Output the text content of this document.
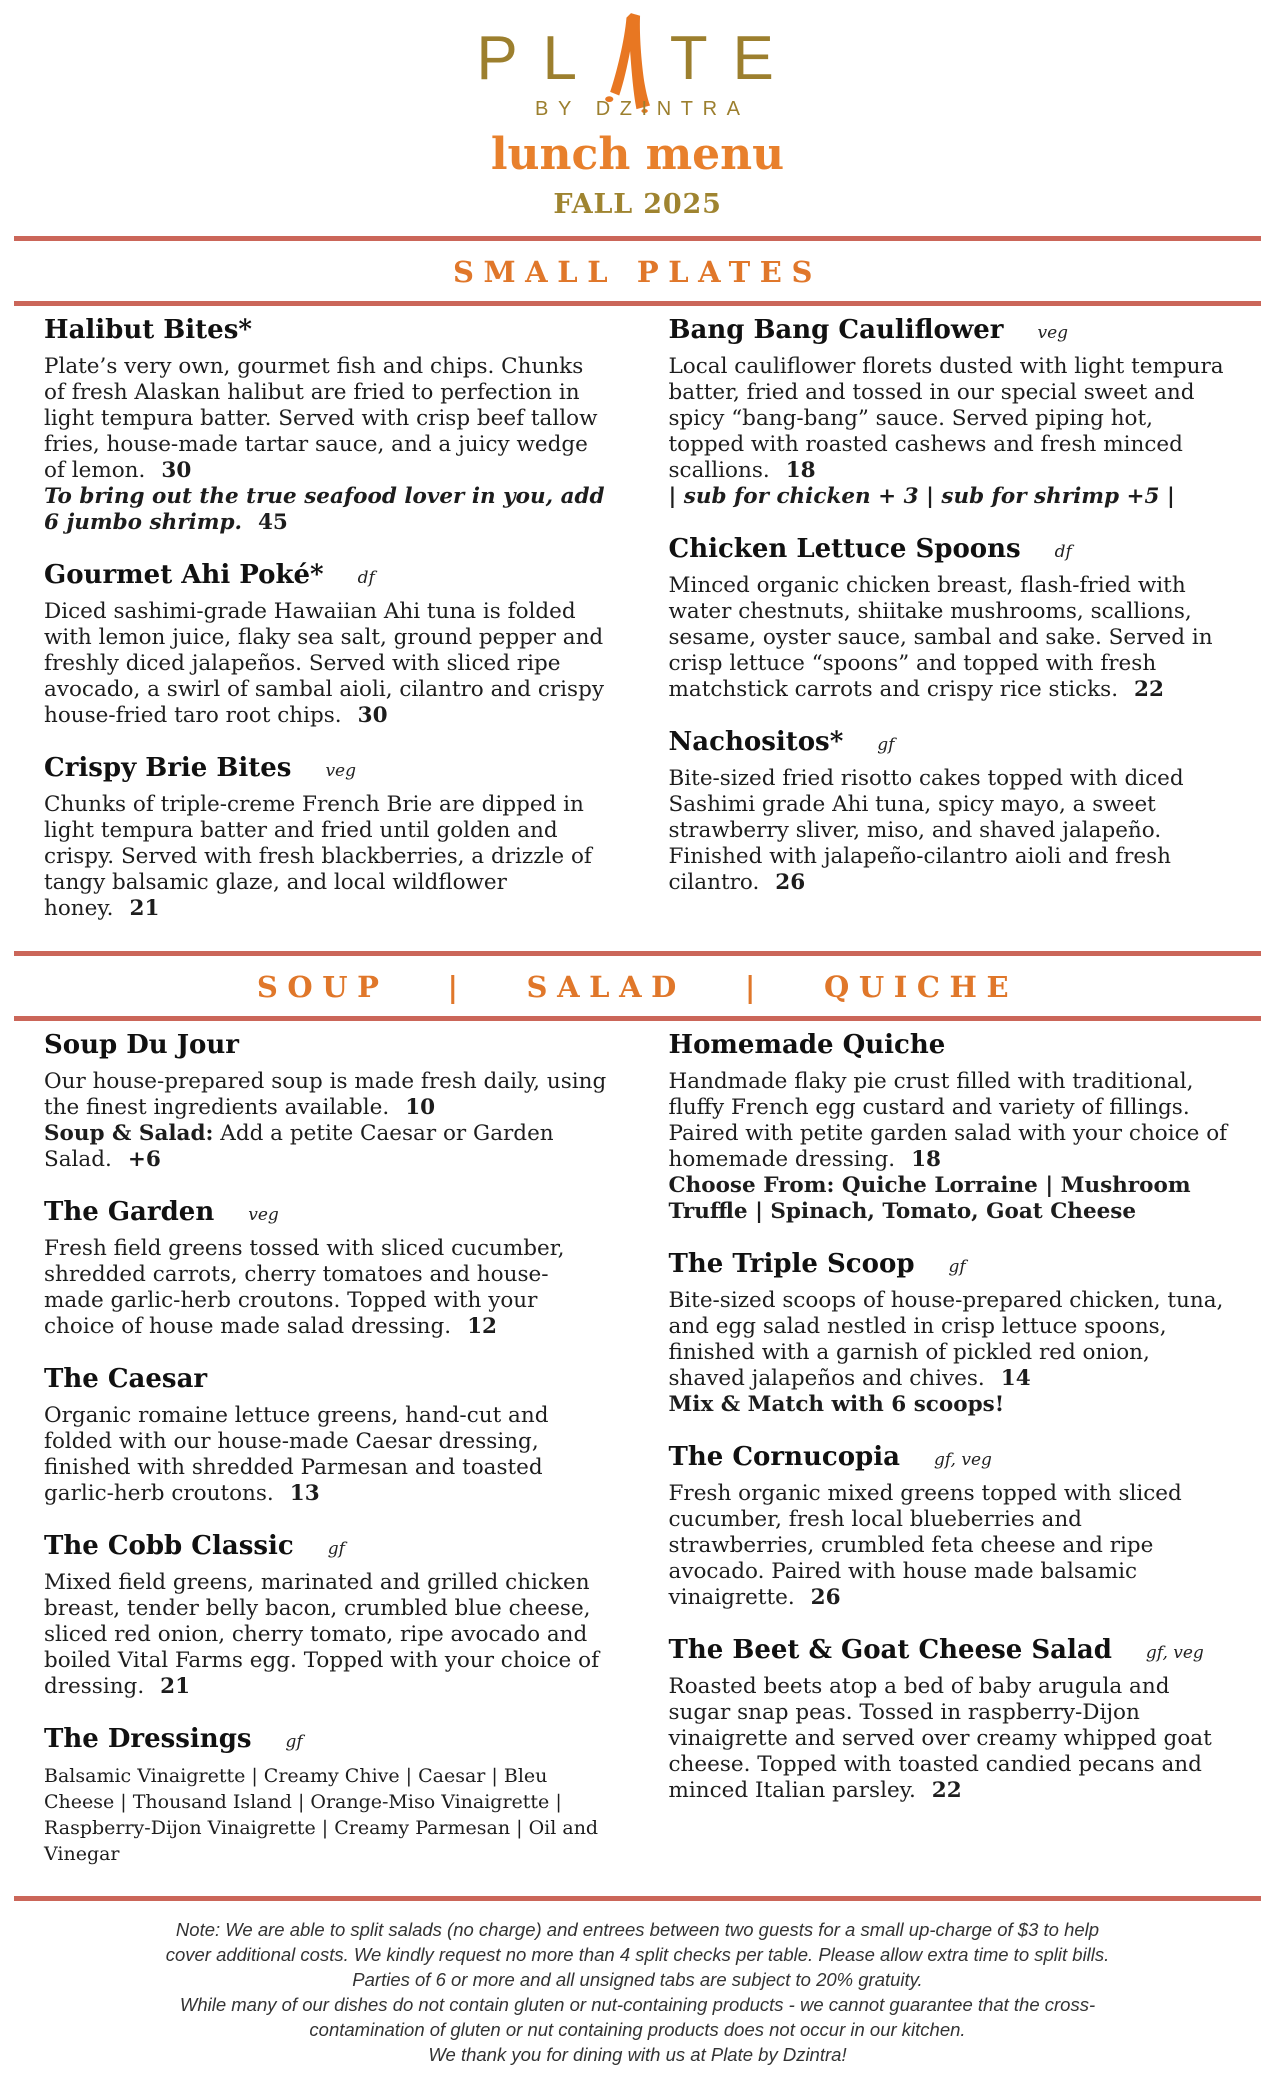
PL TE
BY DZINTRA
lunch menu
FALL 2025
SMALL PLATES
Halibut Bites*
Plate’s very own, gourmet fish and chips. Chunks of fresh Alaskan halibut are fried to perfection in light tempura batter. Served with crisp beef tallow fries, house-made tartar sauce, and a juicy wedge of lemon. 30
To bring out the true seafood lover in you, add 6 jumbo shrimp. 45
Gourmet Ahi Poké* df
Diced sashimi-grade Hawaiian Ahi tuna is folded with lemon juice, flaky sea salt, ground pepper and freshly diced jalapeños. Served with sliced ripe avocado, a swirl of sambal aioli, cilantro and crispy house-fried taro root chips. 30
Crispy Brie Bites veg
Chunks of triple-creme French Brie are dipped in light tempura batter and fried until golden and crispy. Served with fresh blackberries, a drizzle of tangy balsamic glaze, and local wildflower honey. 21
Bang Bang Cauliflower veg
Local cauliflower florets dusted with light tempura batter, fried and tossed in our special sweet and spicy “bang-bang” sauce. Served piping hot, topped with roasted cashews and fresh minced scallions. 18
| sub for chicken + 3 | sub for shrimp +5 |
Chicken Lettuce Spoons df
Minced organic chicken breast, flash-fried with water chestnuts, shiitake mushrooms, scallions, sesame, oyster sauce, sambal and sake. Served in crisp lettuce “spoons” and topped with fresh matchstick carrots and crispy rice sticks. 22
Nachositos* gf
Bite-sized fried risotto cakes topped with diced Sashimi grade Ahi tuna, spicy mayo, a sweet strawberry sliver, miso, and shaved jalapeño. Finished with jalapeño-cilantro aioli and fresh cilantro. 26
SOUP   |   SALAD   |   QUICHE
Soup Du Jour
Our house-prepared soup is made fresh daily, using the finest ingredients available. 10
Soup & Salad: Add a petite Caesar or Garden Salad. +6
The Garden veg
Fresh field greens tossed with sliced cucumber, shredded carrots, cherry tomatoes and house-made garlic-herb croutons. Topped with your choice of house made salad dressing. 12
The Caesar
Organic romaine lettuce greens, hand-cut and folded with our house-made Caesar dressing, finished with shredded Parmesan and toasted garlic-herb croutons. 13
The Cobb Classic gf
Mixed field greens, marinated and grilled chicken breast, tender belly bacon, crumbled blue cheese, sliced red onion, cherry tomato, ripe avocado and boiled Vital Farms egg. Topped with your choice of dressing. 21
The Dressings gf
Balsamic Vinaigrette | Creamy Chive | Caesar | Bleu Cheese | Thousand Island | Orange-Miso Vinaigrette | Raspberry-Dijon Vinaigrette | Creamy Parmesan | Oil and Vinegar
Homemade Quiche
Handmade flaky pie crust filled with traditional, fluffy French egg custard and variety of fillings. Paired with petite garden salad with your choice of homemade dressing. 18
Choose From: Quiche Lorraine | Mushroom Truffle | Spinach, Tomato, Goat Cheese
The Triple Scoop gf
Bite-sized scoops of house-prepared chicken, tuna, and egg salad nestled in crisp lettuce spoons, finished with a garnish of pickled red onion, shaved jalapeños and chives. 14
Mix & Match with 6 scoops!
The Cornucopia gf, veg
Fresh organic mixed greens topped with sliced cucumber, fresh local blueberries and strawberries, crumbled feta cheese and ripe avocado. Paired with house made balsamic vinaigrette. 26
The Beet & Goat Cheese Salad gf, veg
Roasted beets atop a bed of baby arugula and sugar snap peas. Tossed in raspberry-Dijon vinaigrette and served over creamy whipped goat cheese. Topped with toasted candied pecans and minced Italian parsley. 22
Note: We are able to split salads (no charge) and entrees between two guests for a small up-charge of $3 to help
cover additional costs. We kindly request no more than 4 split checks per table. Please allow extra time to split bills.
Parties of 6 or more and all unsigned tabs are subject to 20% gratuity.
While many of our dishes do not contain gluten or nut-containing products - we cannot guarantee that the cross-
contamination of gluten or nut containing products does not occur in our kitchen.
We thank you for dining with us at Plate by Dzintra!
